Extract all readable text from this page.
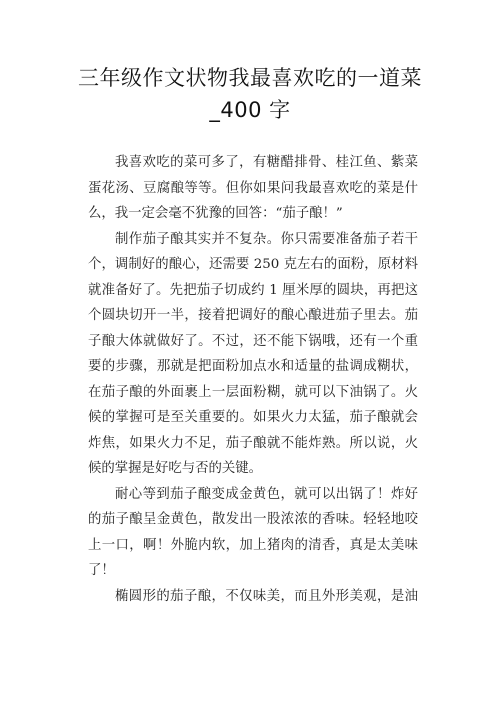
三年级作文状物我最喜欢吃的一道菜
_400 字
我喜欢吃的菜可多了，有糖醋排骨、桂江鱼、紫菜
蛋花汤、豆腐酿等等。但你如果问我最喜欢吃的菜是什
么，我一定会毫不犹豫的回答：“茄子酿！”
制作茄子酿其实并不复杂。你只需要准备茄子若干
个，调制好的酿心，还需要 250 克左右的面粉，原材料
就准备好了。先把茄子切成约 1 厘米厚的圆块，再把这
个圆块切开一半，接着把调好的酿心酿进茄子里去。茄
子酿大体就做好了。不过，还不能下锅哦，还有一个重
要的步骤，那就是把面粉加点水和适量的盐调成糊状，
在茄子酿的外面裹上一层面粉糊，就可以下油锅了。火
候的掌握可是至关重要的。如果火力太猛，茄子酿就会
炸焦，如果火力不足，茄子酿就不能炸熟。所以说，火
候的掌握是好吃与否的关键。
耐心等到茄子酿变成金黄色，就可以出锅了！炸好
的茄子酿呈金黄色，散发出一股浓浓的香味。轻轻地咬
上一口，啊！外脆内软，加上猪肉的清香，真是太美味
了！
椭圆形的茄子酿，不仅味美，而且外形美观，是油
